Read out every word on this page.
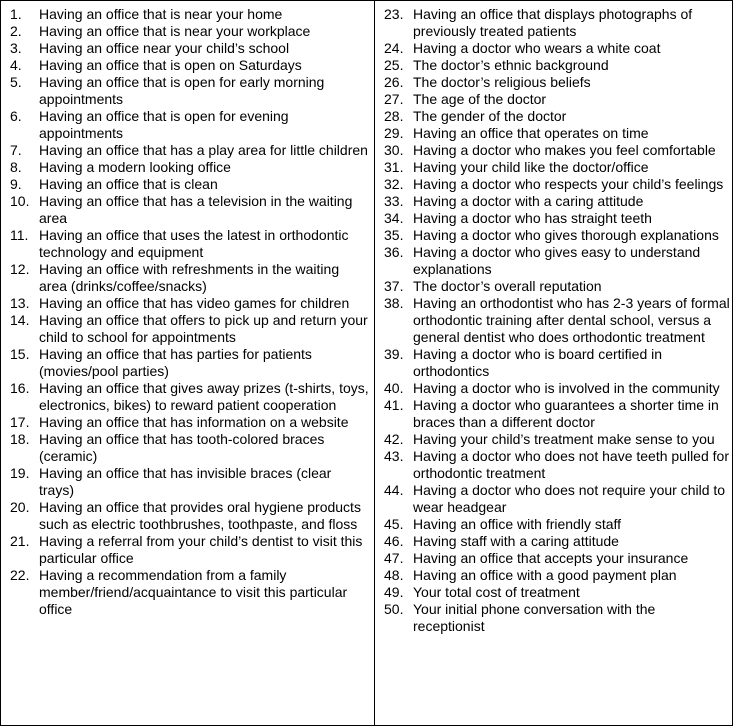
1.	Having an office that is near your home
2.	Having an office that is near your workplace
3.	Having an office near your child’s school
4.	Having an office that is open on Saturdays
5.	Having an office that is open for early morning appointments
6.	Having an office that is open for evening appointments
7.	Having an office that has a play area for little children
8.	Having a modern looking office
9.	Having an office that is clean
10. Having an office that has a television in the waiting area
11. Having an office that uses the latest in orthodontic technology and equipment
12. Having an office with refreshments in the waiting area (drinks/coffee/snacks)
13. Having an office that has video games for children
14. Having an office that offers to pick up and return your child to school for appointments
15. Having an office that has parties for patients (movies/pool parties)
16. Having an office that gives away prizes (t-shirts, toys, electronics, bikes) to reward patient cooperation
17. Having an office that has information on a website
18. Having an office that has tooth-colored braces (ceramic)
19. Having an office that has invisible braces (clear trays)
20. Having an office that provides oral hygiene products such as electric toothbrushes, toothpaste, and floss
21. Having a referral from your child’s dentist to visit this particular office
22. Having a recommendation from a family member/friend/acquaintance to visit this particular office
23. Having an office that displays photographs of previously treated patients
24. Having a doctor who wears a white coat
25. The doctor’s ethnic background
26. The doctor’s religious beliefs
27. The age of the doctor
28. The gender of the doctor
29. Having an office that operates on time
30. Having a doctor who makes you feel comfortable
31. Having your child like the doctor/office
32. Having a doctor who respects your child’s feelings
33. Having a doctor with a caring attitude
34. Having a doctor who has straight teeth
35. Having a doctor who gives thorough explanations
36. Having a doctor who gives easy to understand explanations
37. The doctor’s overall reputation
38. Having an orthodontist who has 2-3 years of formal orthodontic training after dental school, versus a general dentist who does orthodontic treatment
39. Having a doctor who is board certified in orthodontics
40. Having a doctor who is involved in the community
41. Having a doctor who guarantees a shorter time in braces than a different doctor
42. Having your child’s treatment make sense to you
43. Having a doctor who does not have teeth pulled for orthodontic treatment
44. Having a doctor who does not require your child to wear headgear
45. Having an office with friendly staff
46. Having staff with a caring attitude
47. Having an office that accepts your insurance
48. Having an office with a good payment plan
49. Your total cost of treatment
50. Your initial phone conversation with the receptionist
